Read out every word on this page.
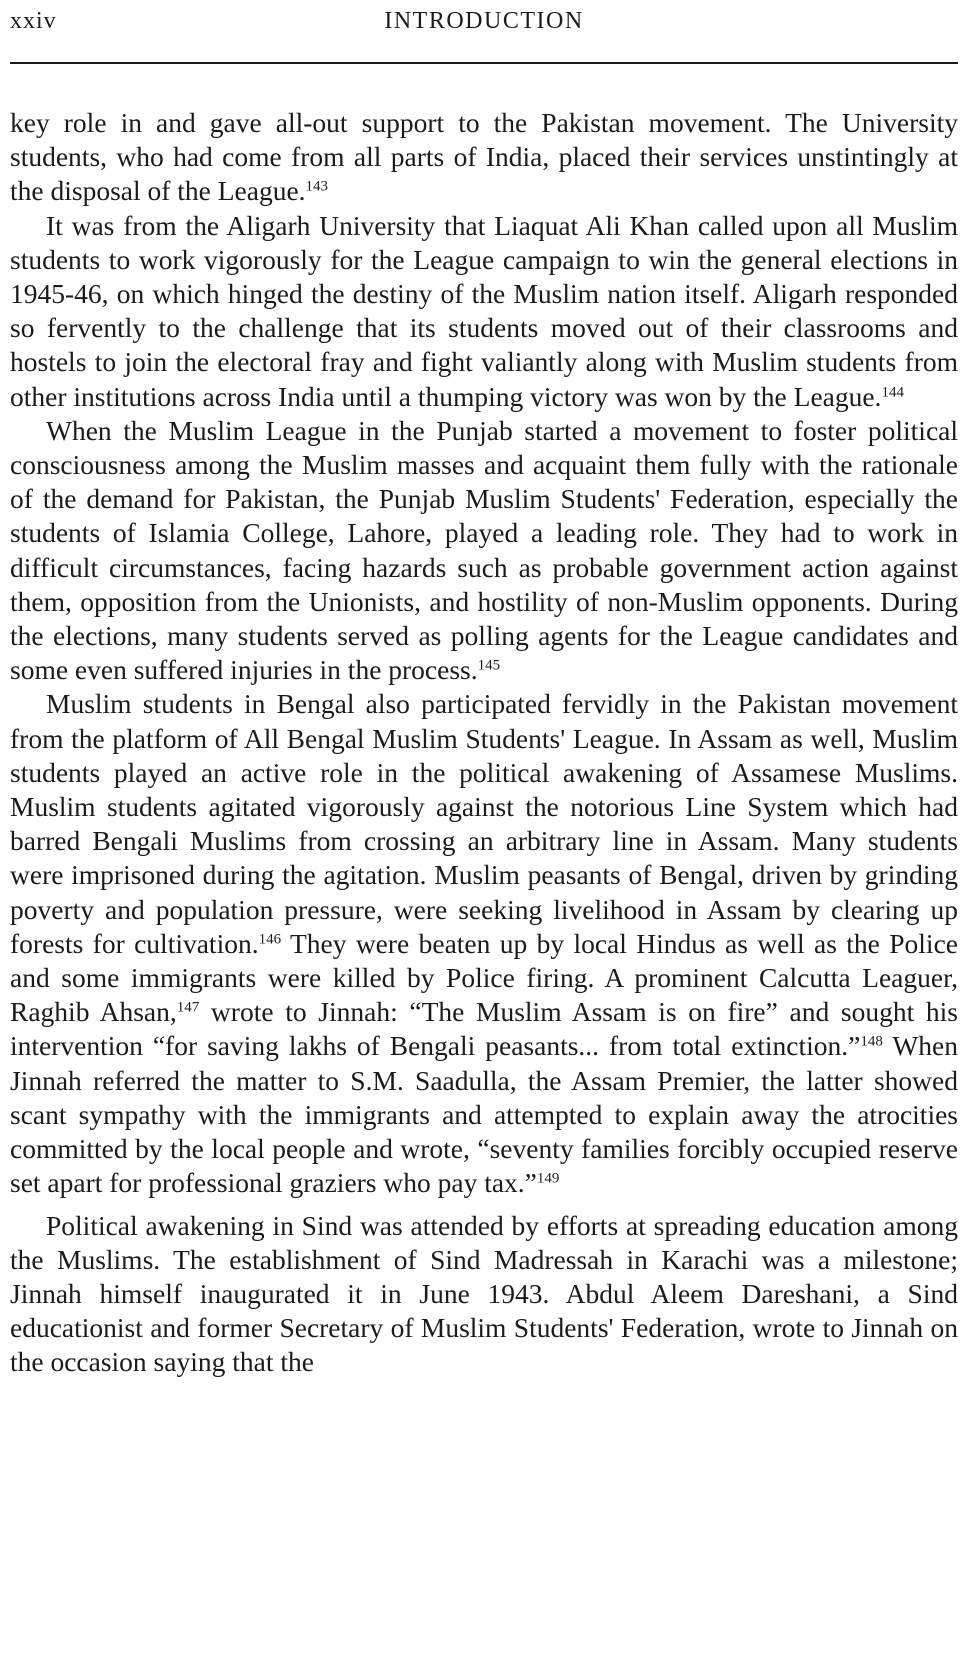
xxiv	INTRODUCTION

key role in and gave all-out support to the Pakistan movement. The University students, who had come from all parts of India, placed their services unstintingly at the disposal of the League.$^{143}$

It was from the Aligarh University that Liaquat Ali Khan called upon all Muslim students to work vigorously for the League campaign to win the general elections in 1945-46, on which hinged the destiny of the Muslim nation itself. Aligarh responded so fervently to the challenge that its students moved out of their classrooms and hostels to join the electoral fray and fight valiantly along with Muslim students from other institutions across India until a thumping victory was won by the League.$^{144}$

When the Muslim League in the Punjab started a movement to foster political consciousness among the Muslim masses and acquaint them fully with the rationale of the demand for Pakistan, the Punjab Muslim Students' Federation, especially the students of Islamia College, Lahore, played a leading role. They had to work in difficult circumstances, facing hazards such as probable government action against them, opposition from the Unionists, and hostility of non-Muslim opponents. During the elections, many students served as polling agents for the League candidates and some even suffered injuries in the process.$^{145}$

Muslim students in Bengal also participated fervidly in the Pakistan movement from the platform of All Bengal Muslim Students' League. In Assam as well, Muslim students played an active role in the political awakening of Assamese Muslims. Muslim students agitated vigorously against the notorious Line System which had barred Bengali Muslims from crossing an arbitrary line in Assam. Many students were imprisoned during the agitation. Muslim peasants of Bengal, driven by grinding poverty and population pressure, were seeking livelihood in Assam by clearing up forests for cultivation.$^{146}$ They were beaten up by local Hindus as well as the Police and some immigrants were killed by Police firing. A prominent Calcutta Leaguer, Raghib Ahsan,$^{147}$ wrote to Jinnah: “The Muslim Assam is on fire” and sought his intervention “for saving lakhs of Bengali peasants... from total extinction.”$^{148}$ When Jinnah referred the matter to S.M. Saadulla, the Assam Premier, the latter showed scant sympathy with the immigrants and attempted to explain away the atrocities committed by the local people and wrote, “seventy families forcibly occupied reserve set apart for professional graziers who pay tax.”$^{149}$

Political awakening in Sind was attended by efforts at spreading education among the Muslims. The establishment of Sind Madressah in Karachi was a milestone; Jinnah himself inaugurated it in June 1943. Abdul Aleem Dareshani, a Sind educationist and former Secretary of Muslim Students' Federation, wrote to Jinnah on the occasion saying that the
